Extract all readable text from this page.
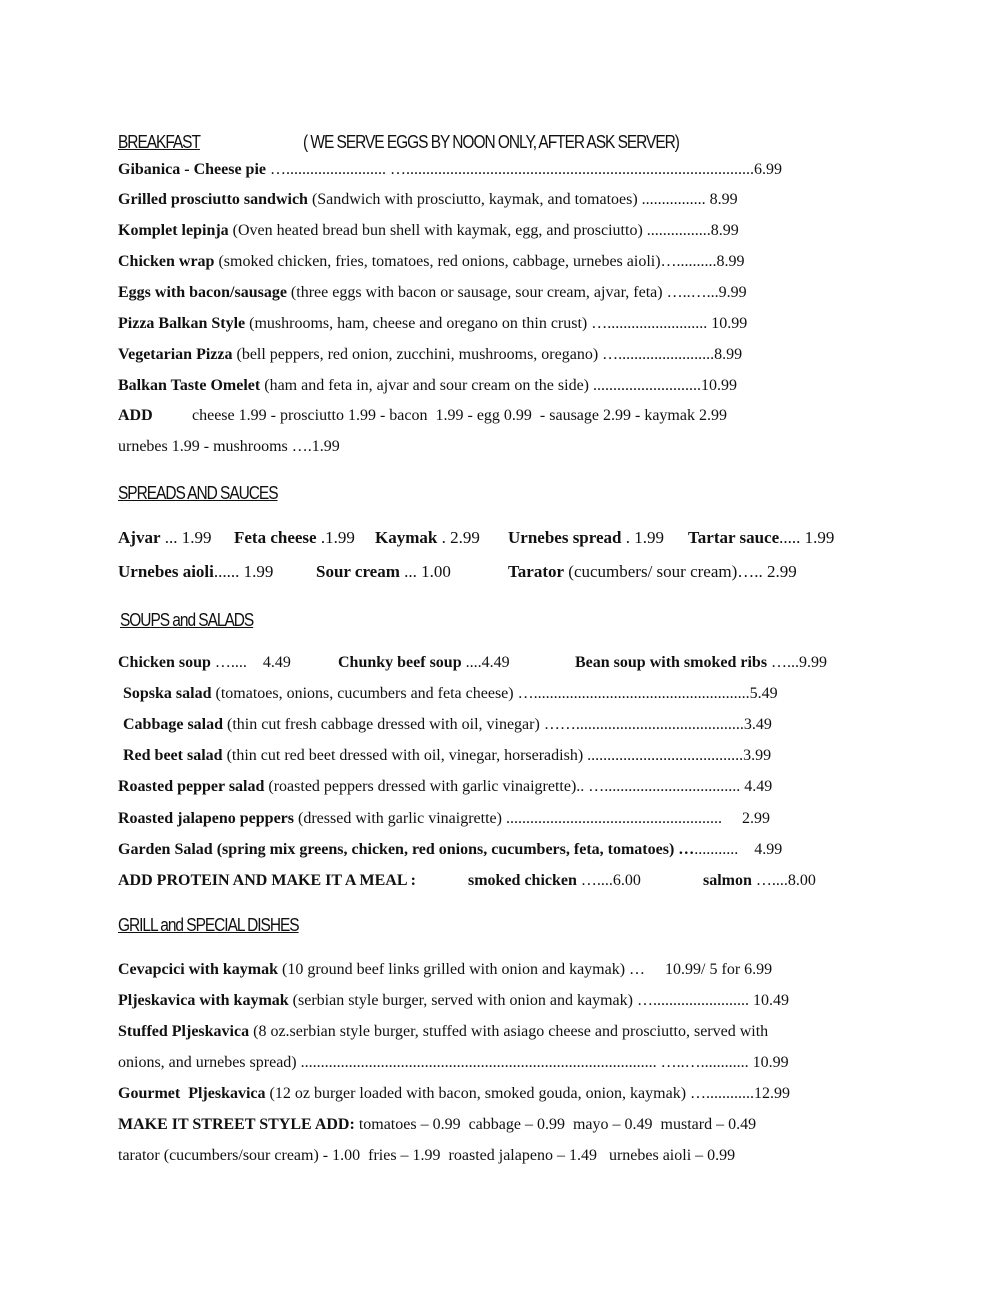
BREAKFAST	( WE SERVE EGGS BY NOON ONLY, AFTER ASK SERVER)
Gibanica - Cheese pie …......................... ….......................................................................................6.99
Grilled prosciutto sandwich (Sandwich with prosciutto, kaymak, and tomatoes) ................ 8.99
Komplet lepinja (Oven heated bread bun shell with kaymak, egg, and prosciutto) ................8.99
Chicken wrap (smoked chicken, fries, tomatoes, red onions, cabbage, urnebes aioli)…..........8.99
Eggs with bacon/sausage (three eggs with bacon or sausage, sour cream, ajvar, feta) …..…...9.99
Pizza Balkan Style (mushrooms, ham, cheese and oregano on thin crust) …......................... 10.99
Vegetarian Pizza (bell peppers, red onion, zucchini, mushrooms, oregano) …........................8.99
Balkan Taste Omelet (ham and feta in, ajvar and sour cream on the side) ...........................10.99
ADD cheese 1.99 - prosciutto 1.99 - bacon  1.99 - egg 0.99  - sausage 2.99 - kaymak 2.99
urnebes 1.99 - mushrooms ….1.99
SPREADS AND SAUCES
Ajvar ... 1.99 Feta cheese .1.99 Kaymak . 2.99 Urnebes spread . 1.99 Tartar sauce..... 1.99
Urnebes aioli...... 1.99	Sour cream ... 1.00	Tarator (cucumbers/ sour cream)….. 2.99
SOUPS and SALADS
Chicken soup …....    4.49	Chunky beef soup ....4.49	Bean soup with smoked ribs …...9.99
Sopska salad (tomatoes, onions, cucumbers and feta cheese) …......................................................5.49
Cabbage salad (thin cut fresh cabbage dressed with oil, vinegar) ……..........................................3.49
Red beet salad (thin cut red beet dressed with oil, vinegar, horseradish) .......................................3.99
Roasted pepper salad (roasted peppers dressed with garlic vinaigrette).. ….................................. 4.49
Roasted jalapeno peppers (dressed with garlic vinaigrette) ......................................................     2.99
Garden Salad (spring mix greens, chicken, red onions, cucumbers, feta, tomatoes) …...........    4.99
ADD PROTEIN AND MAKE IT A MEAL :	smoked chicken …....6.00	salmon …....8.00
GRILL and SPECIAL DISHES
Cevapcici with kaymak (10 ground beef links grilled with onion and kaymak) …     10.99/ 5 for 6.99
Pljeskavica with kaymak (serbian style burger, served with onion and kaymak) …........................ 10.49
Stuffed Pljeskavica (8 oz.serbian style burger, stuffed with asiago cheese and prosciutto, served with
onions, and urnebes spread) ......................................................................................... …..…............ 10.99
Gourmet  Pljeskavica (12 oz burger loaded with bacon, smoked gouda, onion, kaymak) …............12.99
MAKE IT STREET STYLE ADD: tomatoes – 0.99  cabbage – 0.99  mayo – 0.49  mustard – 0.49
tarator (cucumbers/sour cream) - 1.00  fries – 1.99  roasted jalapeno – 1.49   urnebes aioli – 0.99
